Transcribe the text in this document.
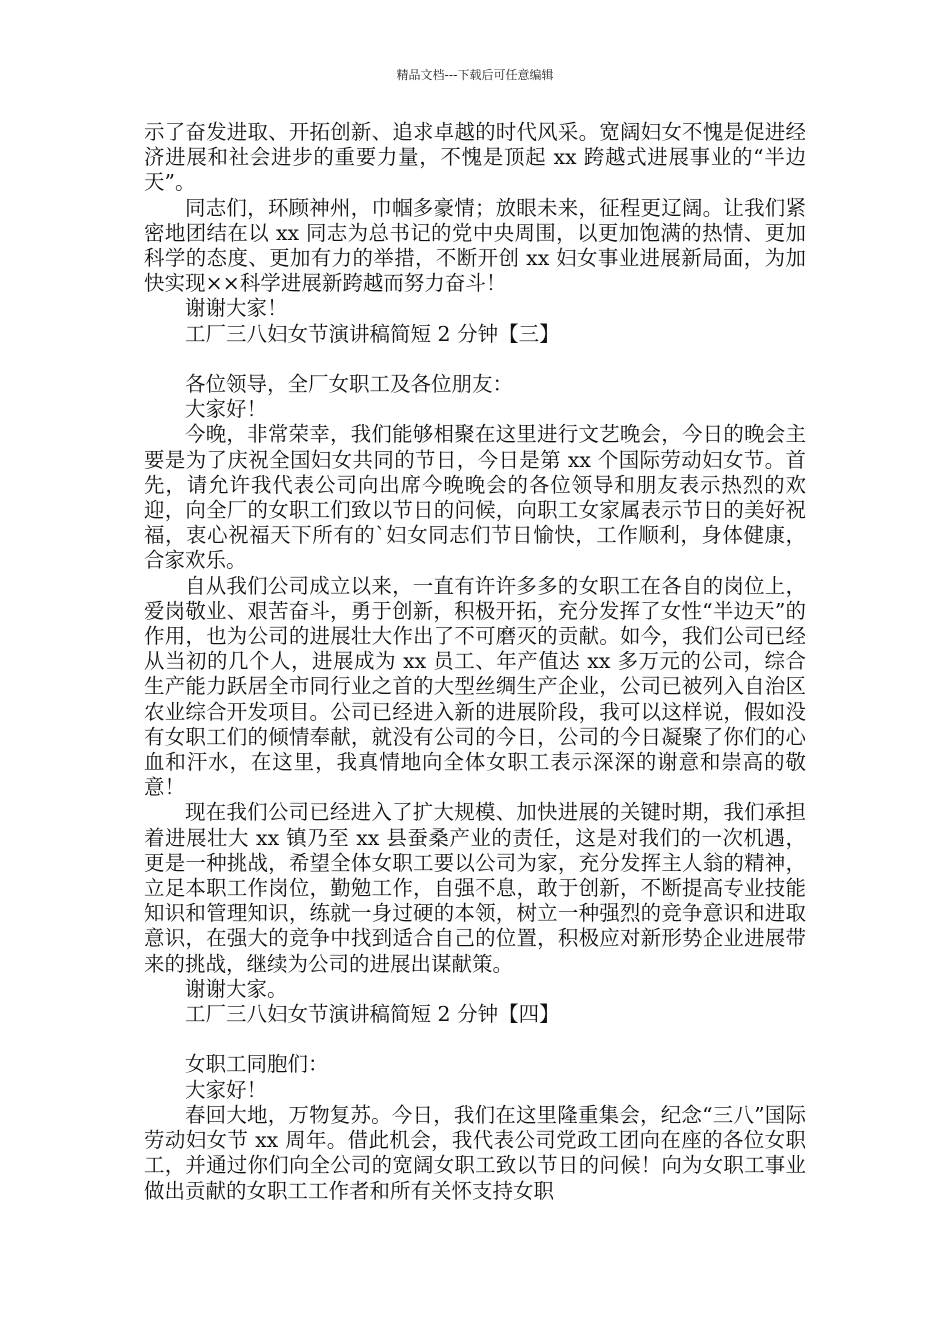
精品文档---下载后可任意编辑

示了奋发进取、开拓创新、追求卓越的时代风采。宽阔妇女不愧是促进经济进展和社会进步的重要力量，不愧是顶起 xx 跨越式进展事业的“半边天”。

同志们，环顾神州，巾帼多豪情；放眼未来，征程更辽阔。让我们紧密地团结在以 xx 同志为总书记的党中央周围，以更加饱满的热情、更加科学的态度、更加有力的举措，不断开创 xx 妇女事业进展新局面，为加快实现××科学进展新跨越而努力奋斗！

谢谢大家！

工厂三八妇女节演讲稿简短 2 分钟【三】

各位领导，全厂女职工及各位朋友：

大家好！

今晚，非常荣幸，我们能够相聚在这里进行文艺晚会，今日的晚会主要是为了庆祝全国妇女共同的节日，今日是第 xx 个国际劳动妇女节。首先，请允许我代表公司向出席今晚晚会的各位领导和朋友表示热烈的欢迎，向全厂的女职工们致以节日的问候，向职工女家属表示节日的美好祝福，衷心祝福天下所有的`妇女同志们节日愉快，工作顺利，身体健康，合家欢乐。

自从我们公司成立以来，一直有许许多多的女职工在各自的岗位上，爱岗敬业、艰苦奋斗，勇于创新，积极开拓，充分发挥了女性“半边天”的作用，也为公司的进展壮大作出了不可磨灭的贡献。如今，我们公司已经从当初的几个人，进展成为 xx 员工、年产值达 xx 多万元的公司，综合生产能力跃居全市同行业之首的大型丝绸生产企业，公司已被列入自治区农业综合开发项目。公司已经进入新的进展阶段，我可以这样说，假如没有女职工们的倾情奉献，就没有公司的今日，公司的今日凝聚了你们的心血和汗水，在这里，我真情地向全体女职工表示深深的谢意和崇高的敬意！

现在我们公司已经进入了扩大规模、加快进展的关键时期，我们承担着进展壮大 xx 镇乃至 xx 县蚕桑产业的责任，这是对我们的一次机遇，更是一种挑战，希望全体女职工要以公司为家，充分发挥主人翁的精神，立足本职工作岗位，勤勉工作，自强不息，敢于创新，不断提高专业技能知识和管理知识，练就一身过硬的本领，树立一种强烈的竞争意识和进取意识，在强大的竞争中找到适合自己的位置，积极应对新形势企业进展带来的挑战，继续为公司的进展出谋献策。

谢谢大家。

工厂三八妇女节演讲稿简短 2 分钟【四】

女职工同胞们：

大家好！

春回大地，万物复苏。今日，我们在这里隆重集会，纪念“三八”国际劳动妇女节 xx 周年。借此机会，我代表公司党政工团向在座的各位女职工，并通过你们向全公司的宽阔女职工致以节日的问候！向为女职工事业做出贡献的女职工工作者和所有关怀支持女职
